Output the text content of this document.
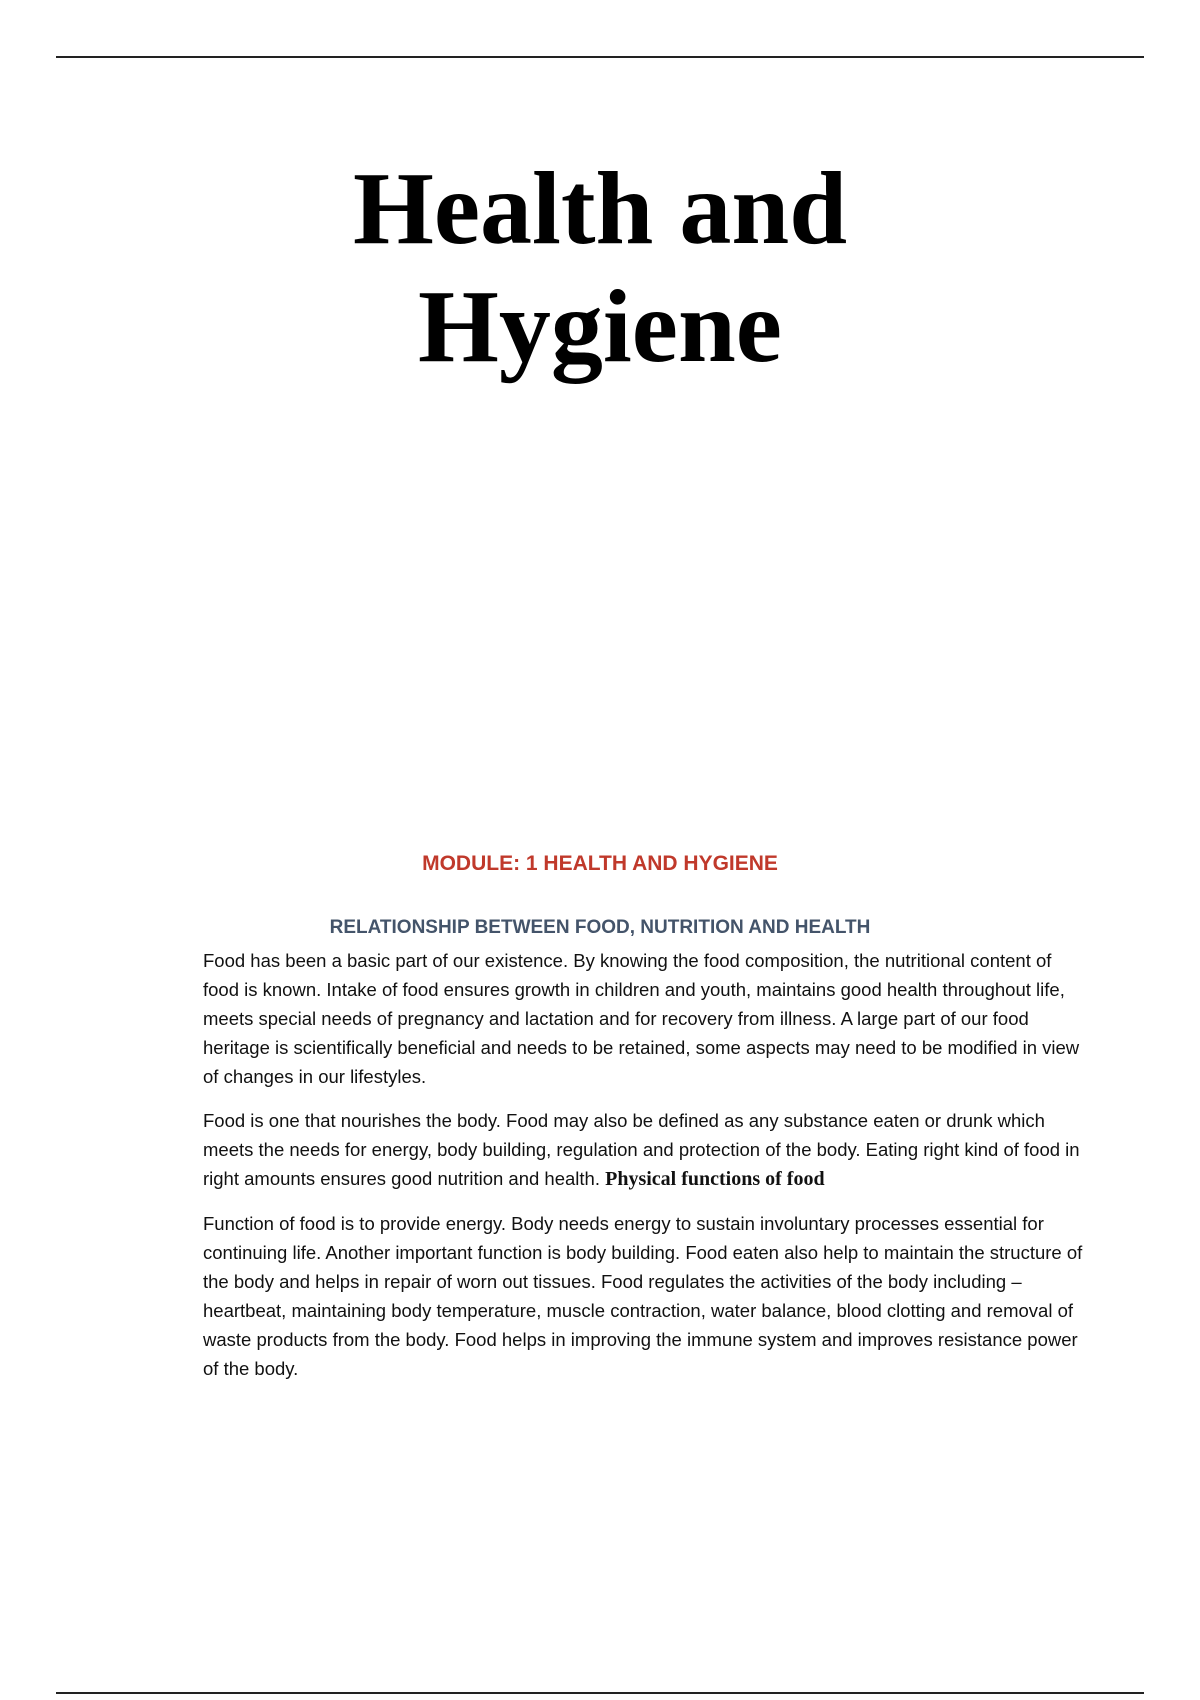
Health and
Hygiene
MODULE: 1 HEALTH AND HYGIENE
RELATIONSHIP BETWEEN FOOD, NUTRITION AND HEALTH

Food has been a basic part of our existence. By knowing the food composition, the nutritional content of food is known. Intake of food ensures growth in children and youth, maintains good health throughout life, meets special needs of pregnancy and lactation and for recovery from illness. A large part of our food heritage is scientifically beneficial and needs to be retained, some aspects may need to be modified in view of changes in our lifestyles.

Food is one that nourishes the body. Food may also be defined as any substance eaten or drunk which meets the needs for energy, body building, regulation and protection of the body. Eating right kind of food in right amounts ensures good nutrition and health. Physical functions of food

Function of food is to provide energy. Body needs energy to sustain involuntary processes essential for continuing life. Another important function is body building. Food eaten also help to maintain the structure of the body and helps in repair of worn out tissues. Food regulates the activities of the body including – heartbeat, maintaining body temperature, muscle contraction, water balance, blood clotting and removal of waste products from the body. Food helps in improving the immune system and improves resistance power of the body.
